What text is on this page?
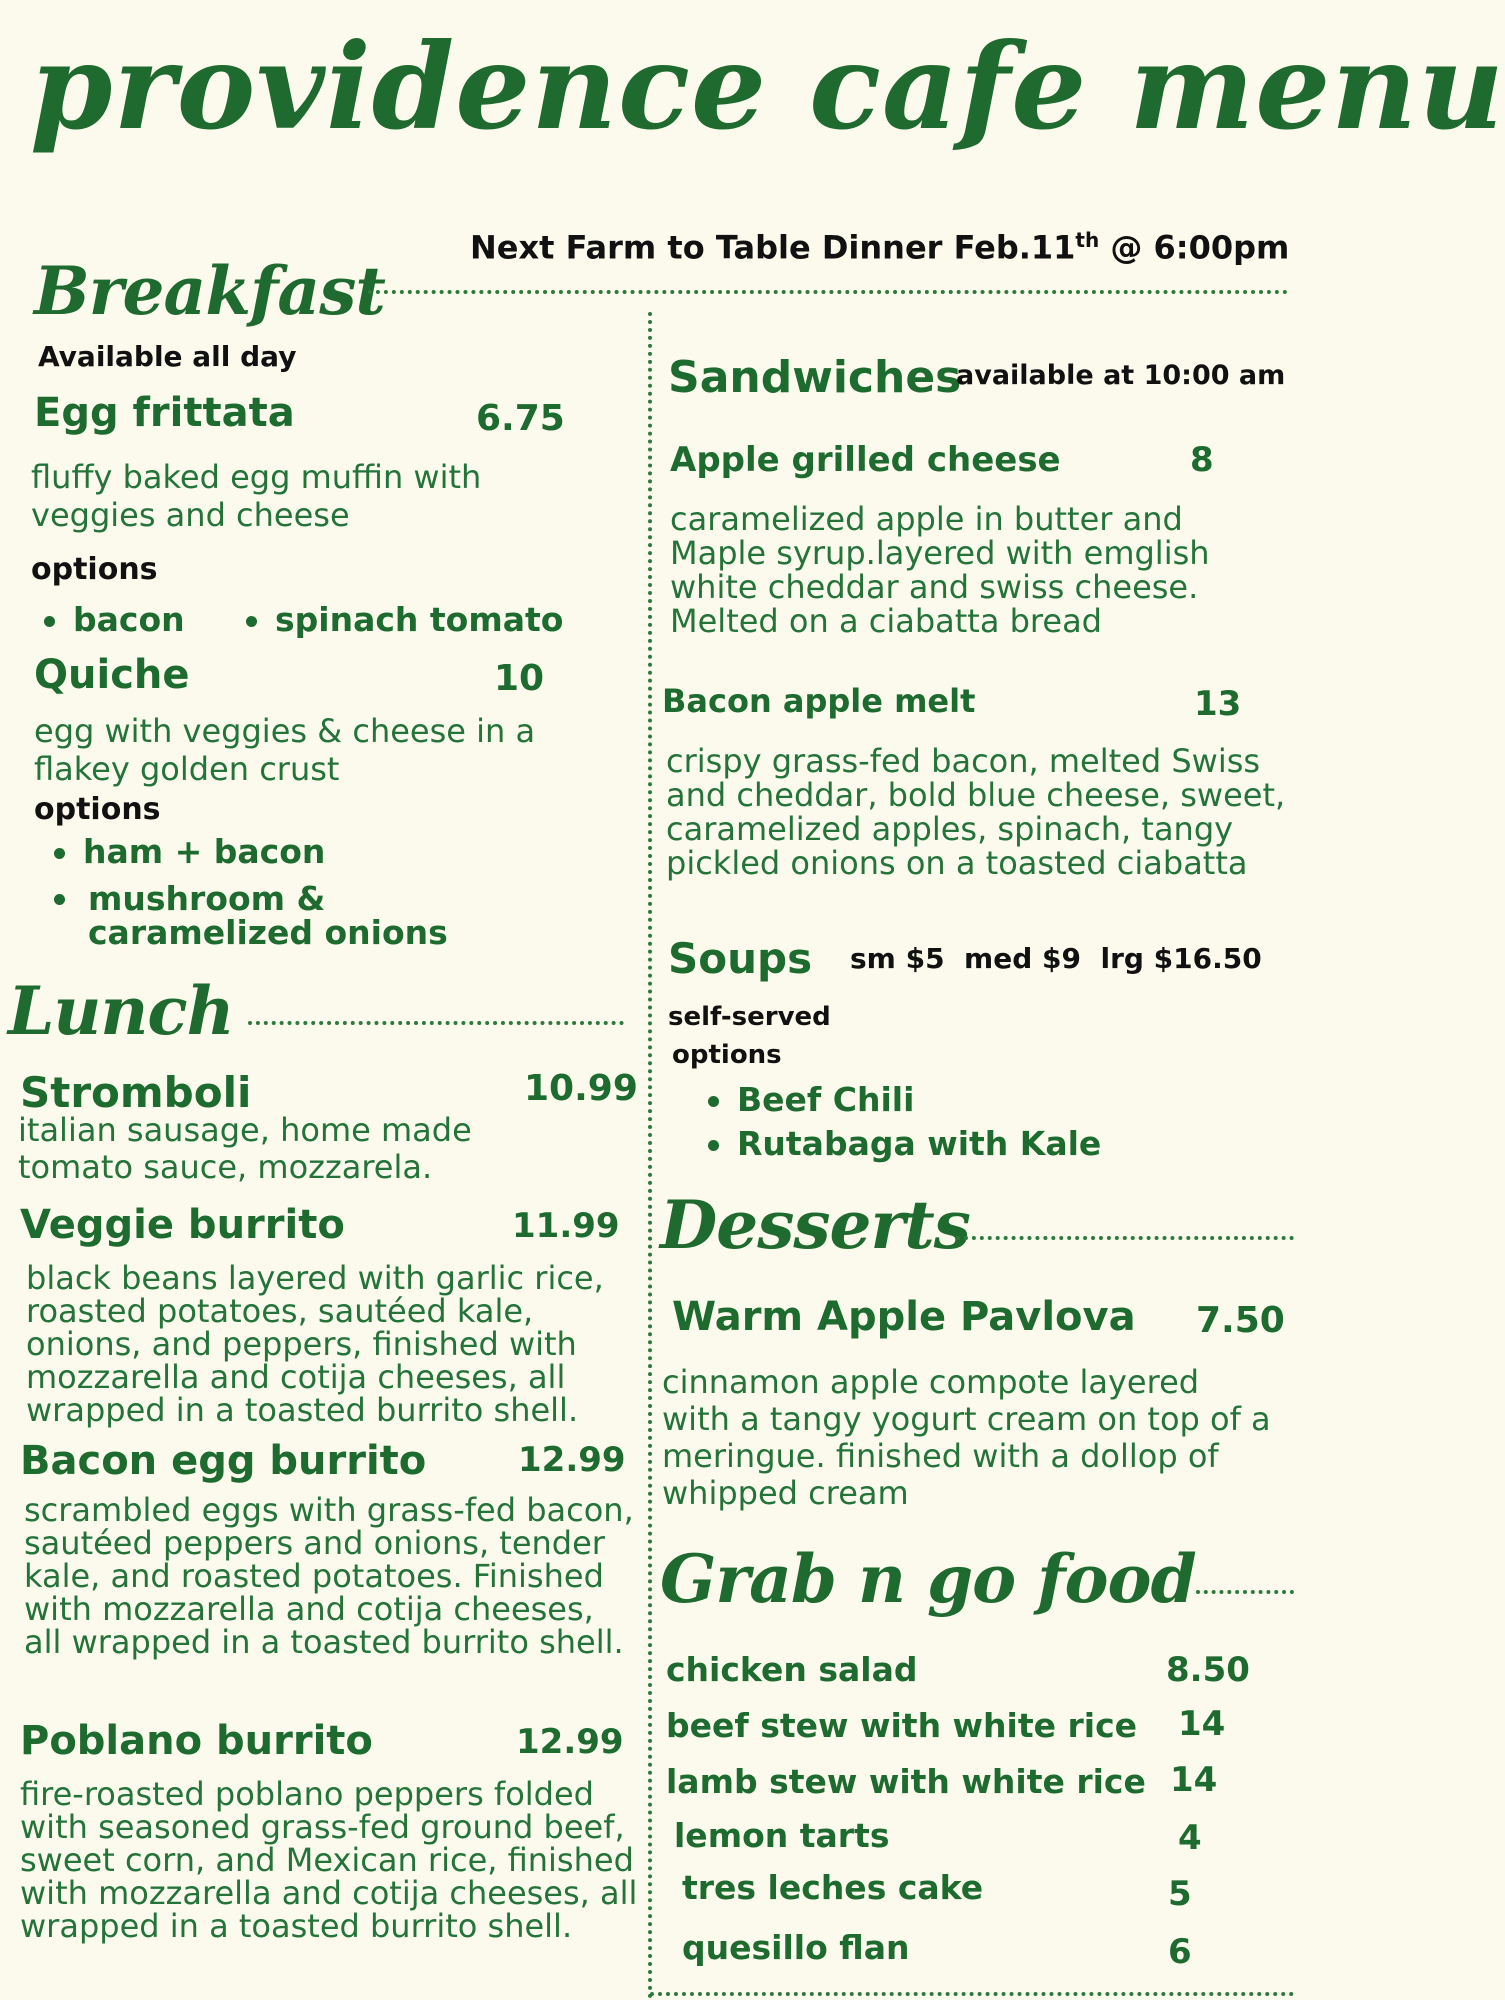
providence cafe menu
Next Farm to Table Dinner Feb.11th @ 6:00pm
Breakfast
Available all day
Egg frittata	6.75
fluffy baked egg muffin with veggies and cheese
options
bacon	spinach tomato
Quiche	10
egg with veggies & cheese in a flakey golden crust
options
ham + bacon
mushroom & caramelized onions
Lunch
Stromboli	10.99
italian sausage, home made tomato sauce, mozzarela.
Veggie burrito	11.99
black beans layered with garlic rice, roasted potatoes, sautéed kale, onions, and peppers, finished with mozzarella and cotija cheeses, all wrapped in a toasted burrito shell.
Bacon egg burrito	12.99
scrambled eggs with grass-fed bacon, sautéed peppers and onions, tender kale, and roasted potatoes. Finished with mozzarella and cotija cheeses, all wrapped in a toasted burrito shell.
Poblano burrito	12.99
fire-roasted poblano peppers folded with seasoned grass-fed ground beef, sweet corn, and Mexican rice, finished with mozzarella and cotija cheeses, all wrapped in a toasted burrito shell.
Sandwiches
available at 10:00 am
Apple grilled cheese	8
caramelized apple in butter and Maple syrup.layered with emglish white cheddar and swiss cheese. Melted on a ciabatta bread
Bacon apple melt	13
crispy grass-fed bacon, melted Swiss and cheddar, bold blue cheese, sweet, caramelized apples, spinach, tangy pickled onions on a toasted ciabatta
Soups sm $5  med $9  lrg $16.50
self-served
options
Beef Chili
Rutabaga with Kale
Desserts
Warm Apple Pavlova 7.50
cinnamon apple compote layered with a tangy yogurt cream on top of a meringue. finished with a dollop of whipped cream
Grab n go food
chicken salad	8.50
beef stew with white rice 14
lamb stew with white rice 14
lemon tarts	4
tres leches cake	5
quesillo flan	6
